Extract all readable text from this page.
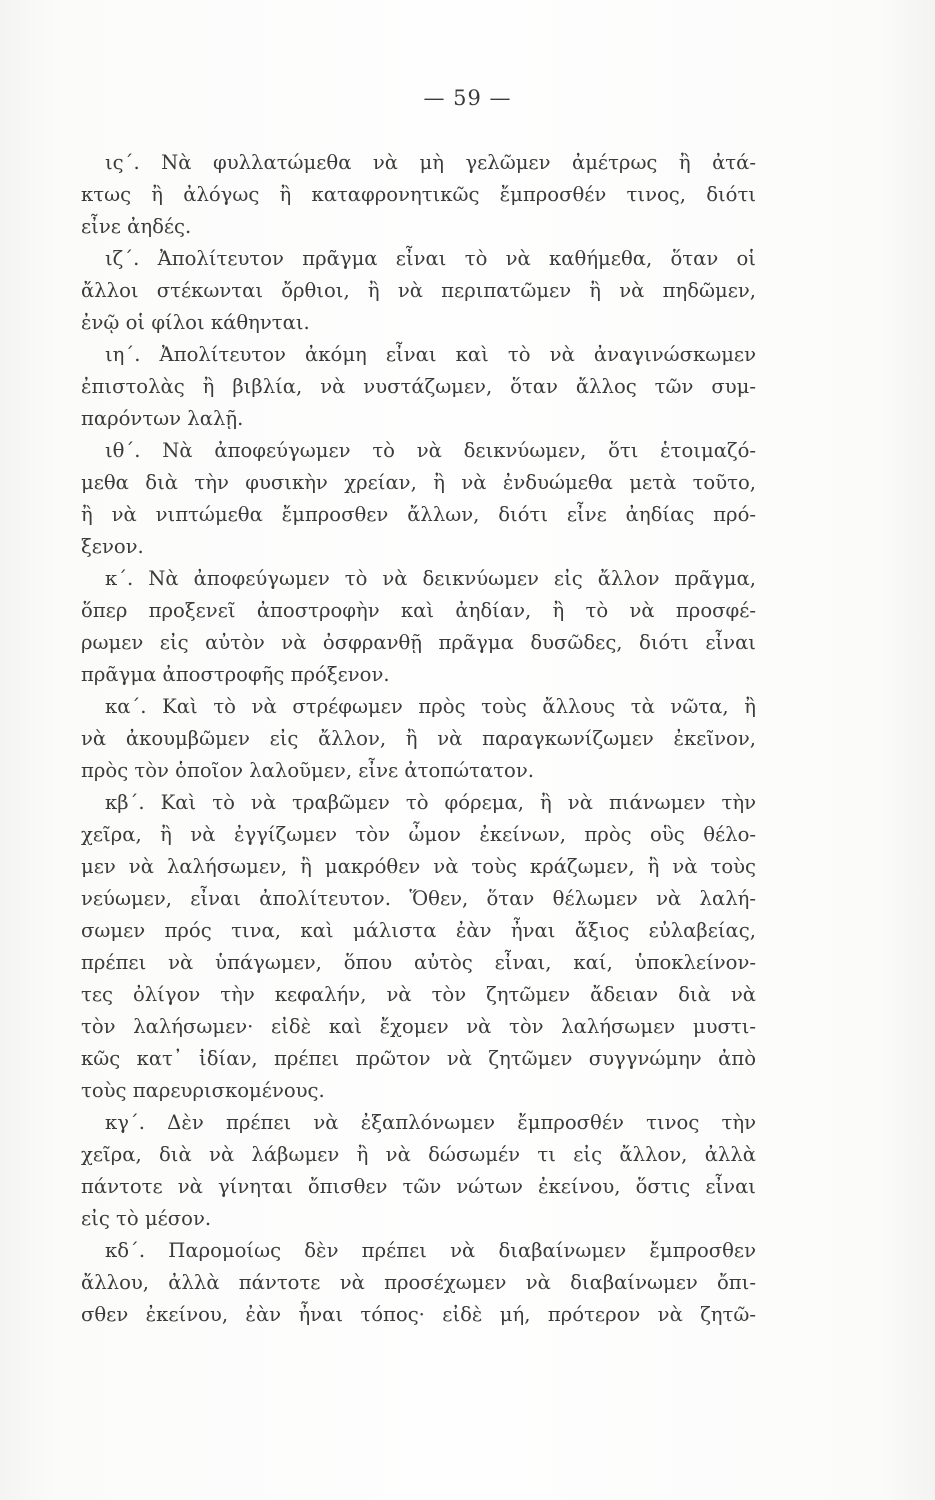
— 59 —
ις΄. Νὰ φυλλατώμεθα νὰ μὴ γελῶμεν ἀμέτρως ἢ ἀτά-
κτως ἢ ἀλόγως ἢ καταφρονητικῶς ἔμπροσθέν τινος, διότι
εἶνε ἀηδές.
ιζ΄. Ἀπολίτευτον πρᾶγμα εἶναι τὸ νὰ καθήμεθα, ὅταν οἱ
ἄλλοι στέκωνται ὄρθιοι, ἢ νὰ περιπατῶμεν ἢ νὰ πηδῶμεν,
ἐνῷ οἱ φίλοι κάθηνται.
ιη΄. Ἀπολίτευτον ἀκόμη εἶναι καὶ τὸ νὰ ἀναγινώσκωμεν
ἐπιστολὰς ἢ βιβλία, νὰ νυστάζωμεν, ὅταν ἄλλος τῶν συμ-
παρόντων λαλῇ.
ιθ΄. Νὰ ἀποφεύγωμεν τὸ νὰ δεικνύωμεν, ὅτι ἑτοιμαζό-
μεθα διὰ τὴν φυσικὴν χρείαν, ἢ νὰ ἐνδυώμεθα μετὰ τοῦτο,
ἢ νὰ νιπτώμεθα ἔμπροσθεν ἄλλων, διότι εἶνε ἀηδίας πρό-
ξενον.
κ΄. Νὰ ἀποφεύγωμεν τὸ νὰ δεικνύωμεν εἰς ἄλλον πρᾶγμα,
ὅπερ προξενεῖ ἀποστροφὴν καὶ ἀηδίαν, ἢ τὸ νὰ προσφέ-
ρωμεν εἰς αὐτὸν νὰ ὀσφρανθῇ πρᾶγμα δυσῶδες, διότι εἶναι
πρᾶγμα ἀποστροφῆς πρόξενον.
κα΄. Καὶ τὸ νὰ στρέφωμεν πρὸς τοὺς ἄλλους τὰ νῶτα, ἢ
νὰ ἀκουμβῶμεν εἰς ἄλλον, ἢ νὰ παραγκωνίζωμεν ἐκεῖνον,
πρὸς τὸν ὁποῖον λαλοῦμεν, εἶνε ἀτοπώτατον.
κβ΄. Καὶ τὸ νὰ τραβῶμεν τὸ φόρεμα, ἢ νὰ πιάνωμεν τὴν
χεῖρα, ἢ νὰ ἐγγίζωμεν τὸν ὦμον ἐκείνων, πρὸς οὓς θέλο-
μεν νὰ λαλήσωμεν, ἢ μακρόθεν νὰ τοὺς κράζωμεν, ἢ νὰ τοὺς
νεύωμεν, εἶναι ἀπολίτευτον. Ὅθεν, ὅταν θέλωμεν νὰ λαλή-
σωμεν πρός τινα, καὶ μάλιστα ἐὰν ἦναι ἄξιος εὐλαβείας,
πρέπει νὰ ὑπάγωμεν, ὅπου αὐτὸς εἶναι, καί, ὑποκλείνον-
τες ὀλίγον τὴν κεφαλήν, νὰ τὸν ζητῶμεν ἄδειαν διὰ νὰ
τὸν λαλήσωμεν· εἰδὲ καὶ ἔχομεν νὰ τὸν λαλήσωμεν μυστι-
κῶς κατ᾽ ἰδίαν, πρέπει πρῶτον νὰ ζητῶμεν συγγνώμην ἀπὸ
τοὺς παρευρισκομένους.
κγ΄. Δὲν πρέπει νὰ ἐξαπλόνωμεν ἔμπροσθέν τινος τὴν
χεῖρα, διὰ νὰ λάβωμεν ἢ νὰ δώσωμέν τι εἰς ἄλλον, ἀλλὰ
πάντοτε νὰ γίνηται ὄπισθεν τῶν νώτων ἐκείνου, ὅστις εἶναι
εἰς τὸ μέσον.
κδ΄. Παρομοίως δὲν πρέπει νὰ διαβαίνωμεν ἔμπροσθεν
ἄλλου, ἀλλὰ πάντοτε νὰ προσέχωμεν νὰ διαβαίνωμεν ὄπι-
σθεν ἐκείνου, ἐὰν ἦναι τόπος· εἰδὲ μή, πρότερον νὰ ζητῶ-
